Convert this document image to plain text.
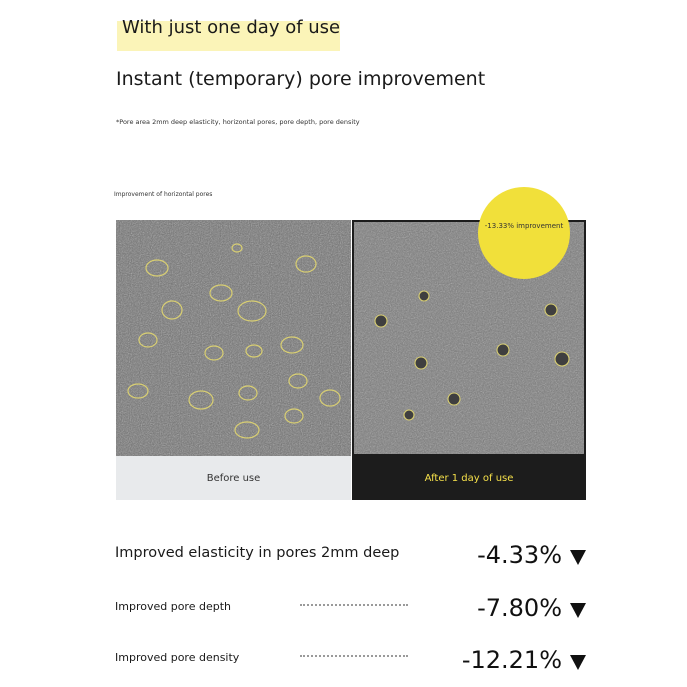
With just one day of use
Instant (temporary) pore improvement
*Pore area 2mm deep elasticity, horizontal pores, pore depth, pore density
Improvement of horizontal pores
Before use	After 1 day of use
-13.33% improvement
Improved elasticity in pores 2mm deep	-4.33%
Improved pore depth	-7.80%
Improved pore density	-12.21%
